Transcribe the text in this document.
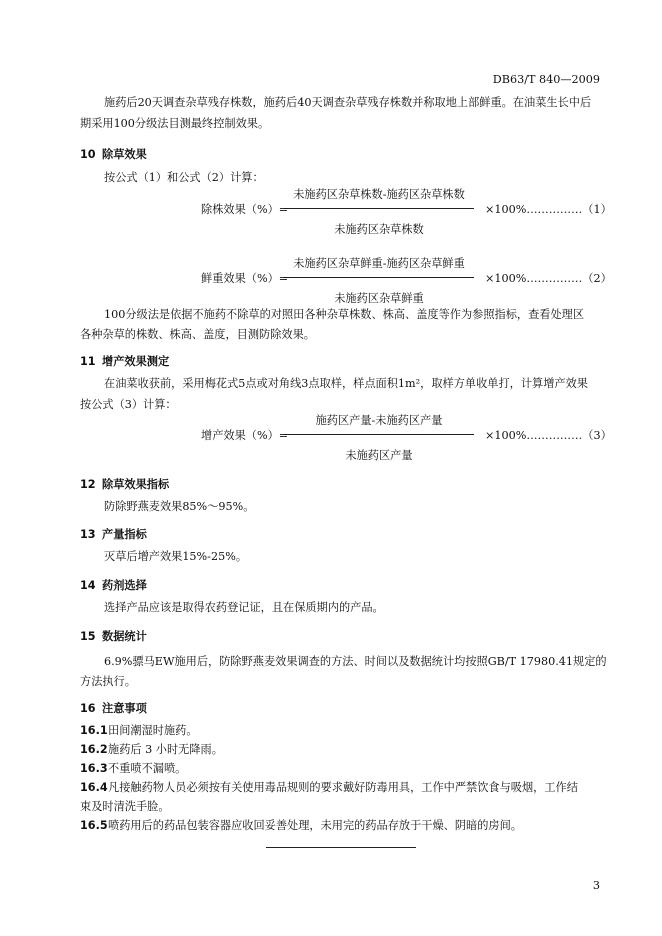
DB63/T 840—2009
施药后20天调查杂草残存株数，施药后40天调查杂草残存株数并称取地上部鲜重。在油菜生长中后
期采用100分级法目测最终控制效果。
10 除草效果
按公式（1）和公式（2）计算：
未施药区杂草株数-施药区杂草株数
除株效果（%）=	×100%……………（1）
未施药区杂草株数
未施药区杂草鲜重-施药区杂草鲜重
鲜重效果（%）=	×100%……………（2）
未施药区杂草鲜重
100分级法是依据不施药不除草的对照田各种杂草株数、株高、盖度等作为参照指标，查看处理区
各种杂草的株数、株高、盖度，目测防除效果。
11 增产效果测定
在油菜收获前，采用梅花式5点或对角线3点取样，样点面积1m²，取样方单收单打，计算增产效果
按公式（3）计算：
施药区产量-未施药区产量
增产效果（%）=	×100%……………（3）
未施药区产量
12 除草效果指标
防除野燕麦效果85%～95%。
13 产量指标
灭草后增产效果15%-25%。
14 药剂选择
选择产品应该是取得农药登记证，且在保质期内的产品。
15 数据统计
6.9%骠马EW施用后，防除野燕麦效果调查的方法、时间以及数据统计均按照GB/T 17980.41规定的
方法执行。
16 注意事项
16.1田间潮湿时施药。
16.2施药后 3 小时无降雨。
16.3不重喷不漏喷。
16.4凡接触药物人员必须按有关使用毒品规则的要求戴好防毒用具，工作中严禁饮食与吸烟，工作结
束及时清洗手脸。
16.5喷药用后的药品包装容器应收回妥善处理，未用完的药品存放于干燥、阴暗的房间。
3
